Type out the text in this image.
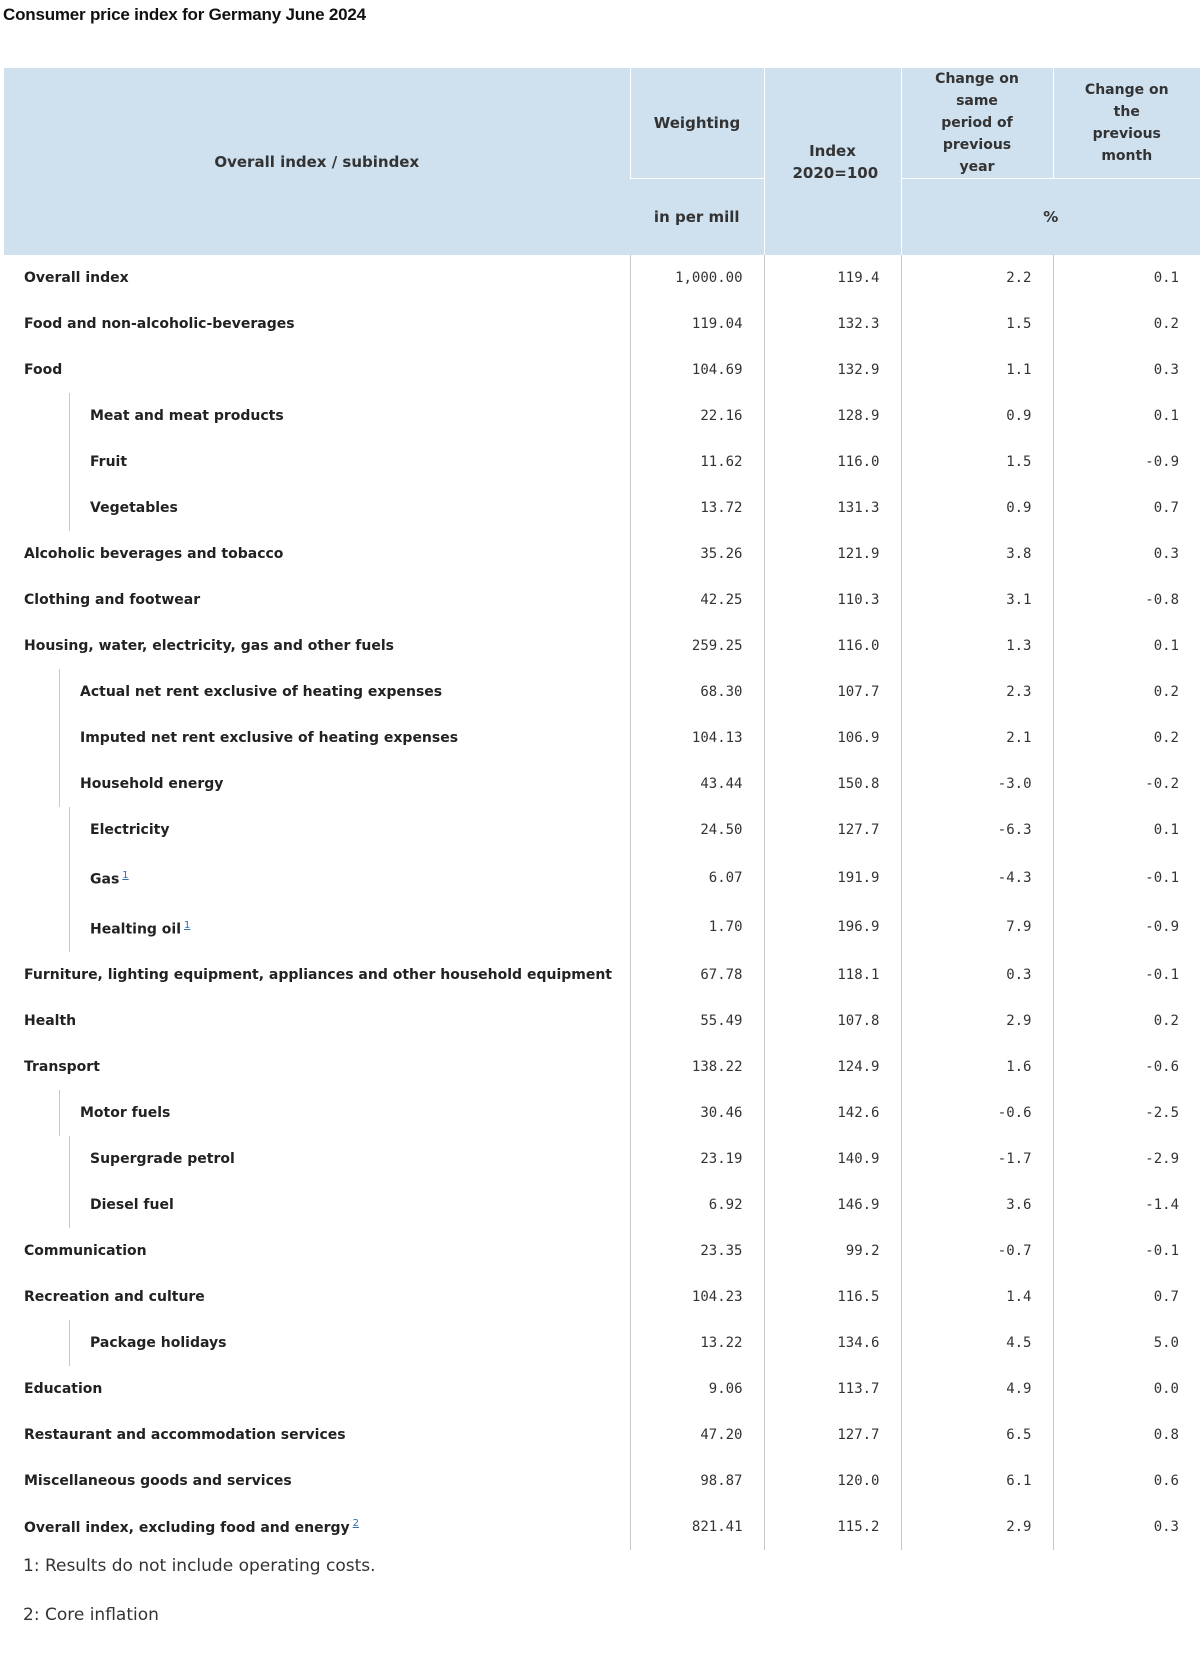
Consumer price index for Germany June 2024
Overall index / subindex	Weighting	Index 2020=100	Change on same period of previous year	Change on the previous month
	in per mill		%	
Overall index	1,000.00	119.4	2.2	0.1
Food and non-alcoholic-beverages	119.04	132.3	1.5	0.2
Food	104.69	132.9	1.1	0.3

Meat and meat products	22.16	128.9	0.9	0.1

Fruit	11.62	116.0	1.5	-0.9

Vegetables	13.72	131.3	0.9	0.7
Alcoholic beverages and tobacco	35.26	121.9	3.8	0.3
Clothing and footwear	42.25	110.3	3.1	-0.8
Housing, water, electricity, gas and other fuels	259.25	116.0	1.3	0.1

Actual net rent exclusive of heating expenses	68.30	107.7	2.3	0.2

Imputed net rent exclusive of heating expenses	104.13	106.9	2.1	0.2

Household energy	43.44	150.8	-3.0	-0.2

Electricity	24.50	127.7	-6.3	0.1

Gas $^1$	6.07	191.9	-4.3	-0.1

Healting oil $^1$	1.70	196.9	7.9	-0.9
Furniture, lighting equipment, appliances and other household equipment	67.78	118.1	0.3	-0.1
Health	55.49	107.8	2.9	0.2
Transport	138.22	124.9	1.6	-0.6

Motor fuels	30.46	142.6	-0.6	-2.5

Supergrade petrol	23.19	140.9	-1.7	-2.9

Diesel fuel	6.92	146.9	3.6	-1.4
Communication	23.35	99.2	-0.7	-0.1
Recreation and culture	104.23	116.5	1.4	0.7

Package holidays	13.22	134.6	4.5	5.0
Education	9.06	113.7	4.9	0.0
Restaurant and accommodation services	47.20	127.7	6.5	0.8
Miscellaneous goods and services	98.87	120.0	6.1	0.6
Overall index, excluding food and energy $^2$	821.41	115.2	2.9	0.3
1: Results do not include operating costs.
2: Core inflation
